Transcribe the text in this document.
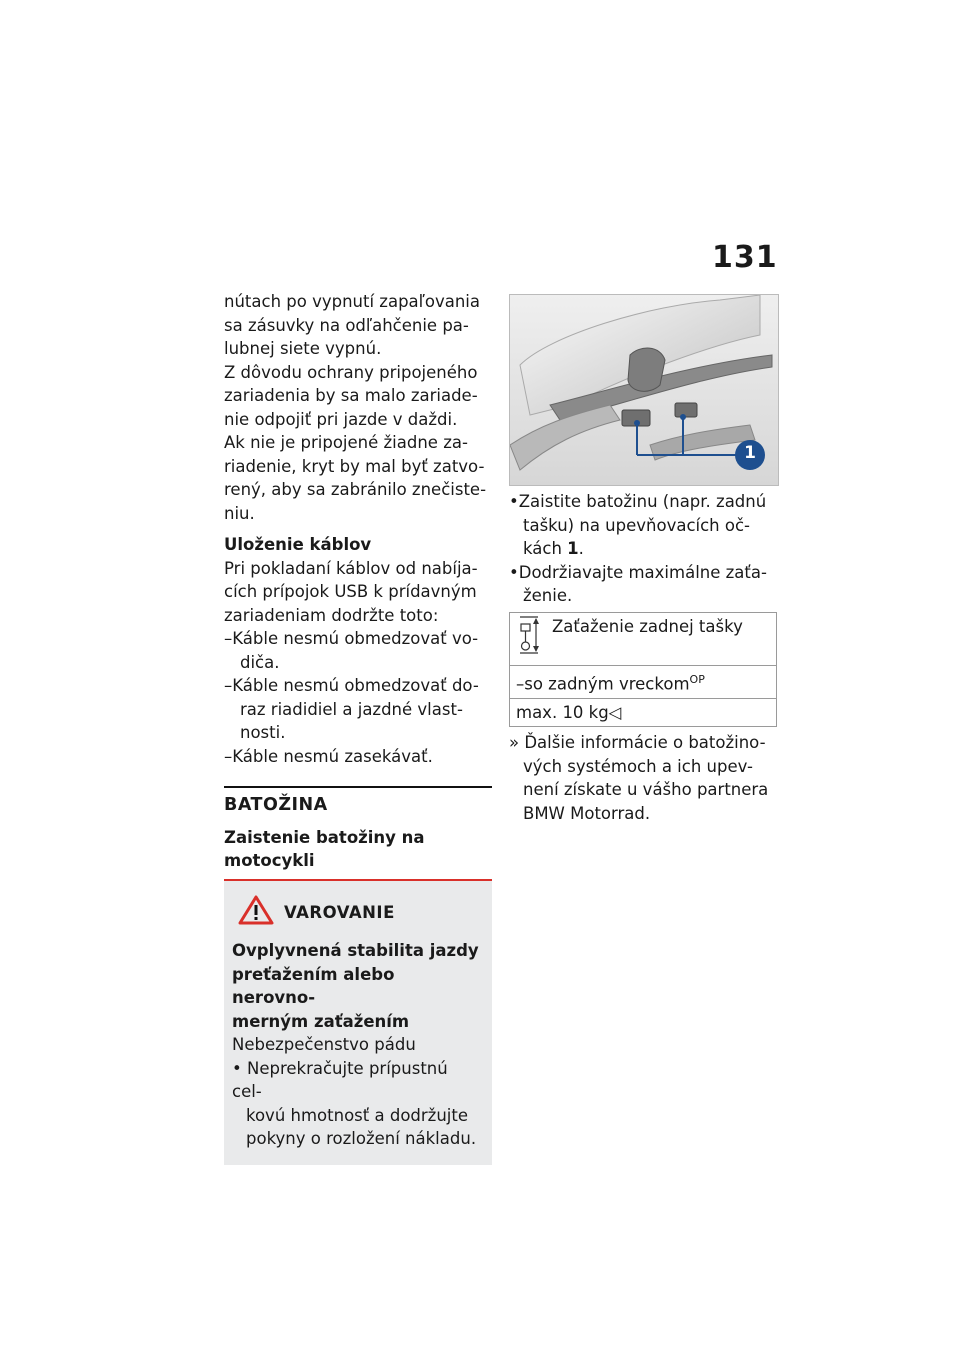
131

nútach po vypnutí zapaľovania

sa zásuvky na odľahčenie pa-

lubnej siete vypnú.

Z dôvodu ochrany pripojeného

zariadenia by sa malo zariade-

nie odpojiť pri jazde v daždi.

Ak nie je pripojené žiadne za-

riadenie, kryt by mal byť zatvo-

rený, aby sa zabránilo znečiste-

niu.

Uloženie káblov

Pri pokladaní káblov od nabíja-

cích prípojok USB k prídavným

zariadeniam dodržte toto:

–Káble nesmú obmedzovať vo-

diča.

–Káble nesmú obmedzovať do-

raz riadidiel a jazdné vlast-

nosti.

–Káble nesmú zasekávať.

BATOŽINA
Zaistenie batožiny na
motocykli
VAROVANIE
Ovplyvnená stabilita jazdy
preťažením alebo nerovno-
merným zaťažením
Nebezpečenstvo pádu
• Neprekračujte prípustnú cel-
kovú hmotnosť a dodržujte
pokyny o rozložení nákladu.
1

•Zaistite batožinu (napr. zadnú

tašku) na upevňovacích oč-

kách 1.

•Dodržiavajte maximálne zaťa-

ženie.

Zaťaženie zadnej tašky
–so zadným vreckom$^{OP}$
max. 10 kg◁

» Ďalšie informácie o batožino-

vých systémoch a ich upev-

není získate u vášho partnera

BMW Motorrad.
